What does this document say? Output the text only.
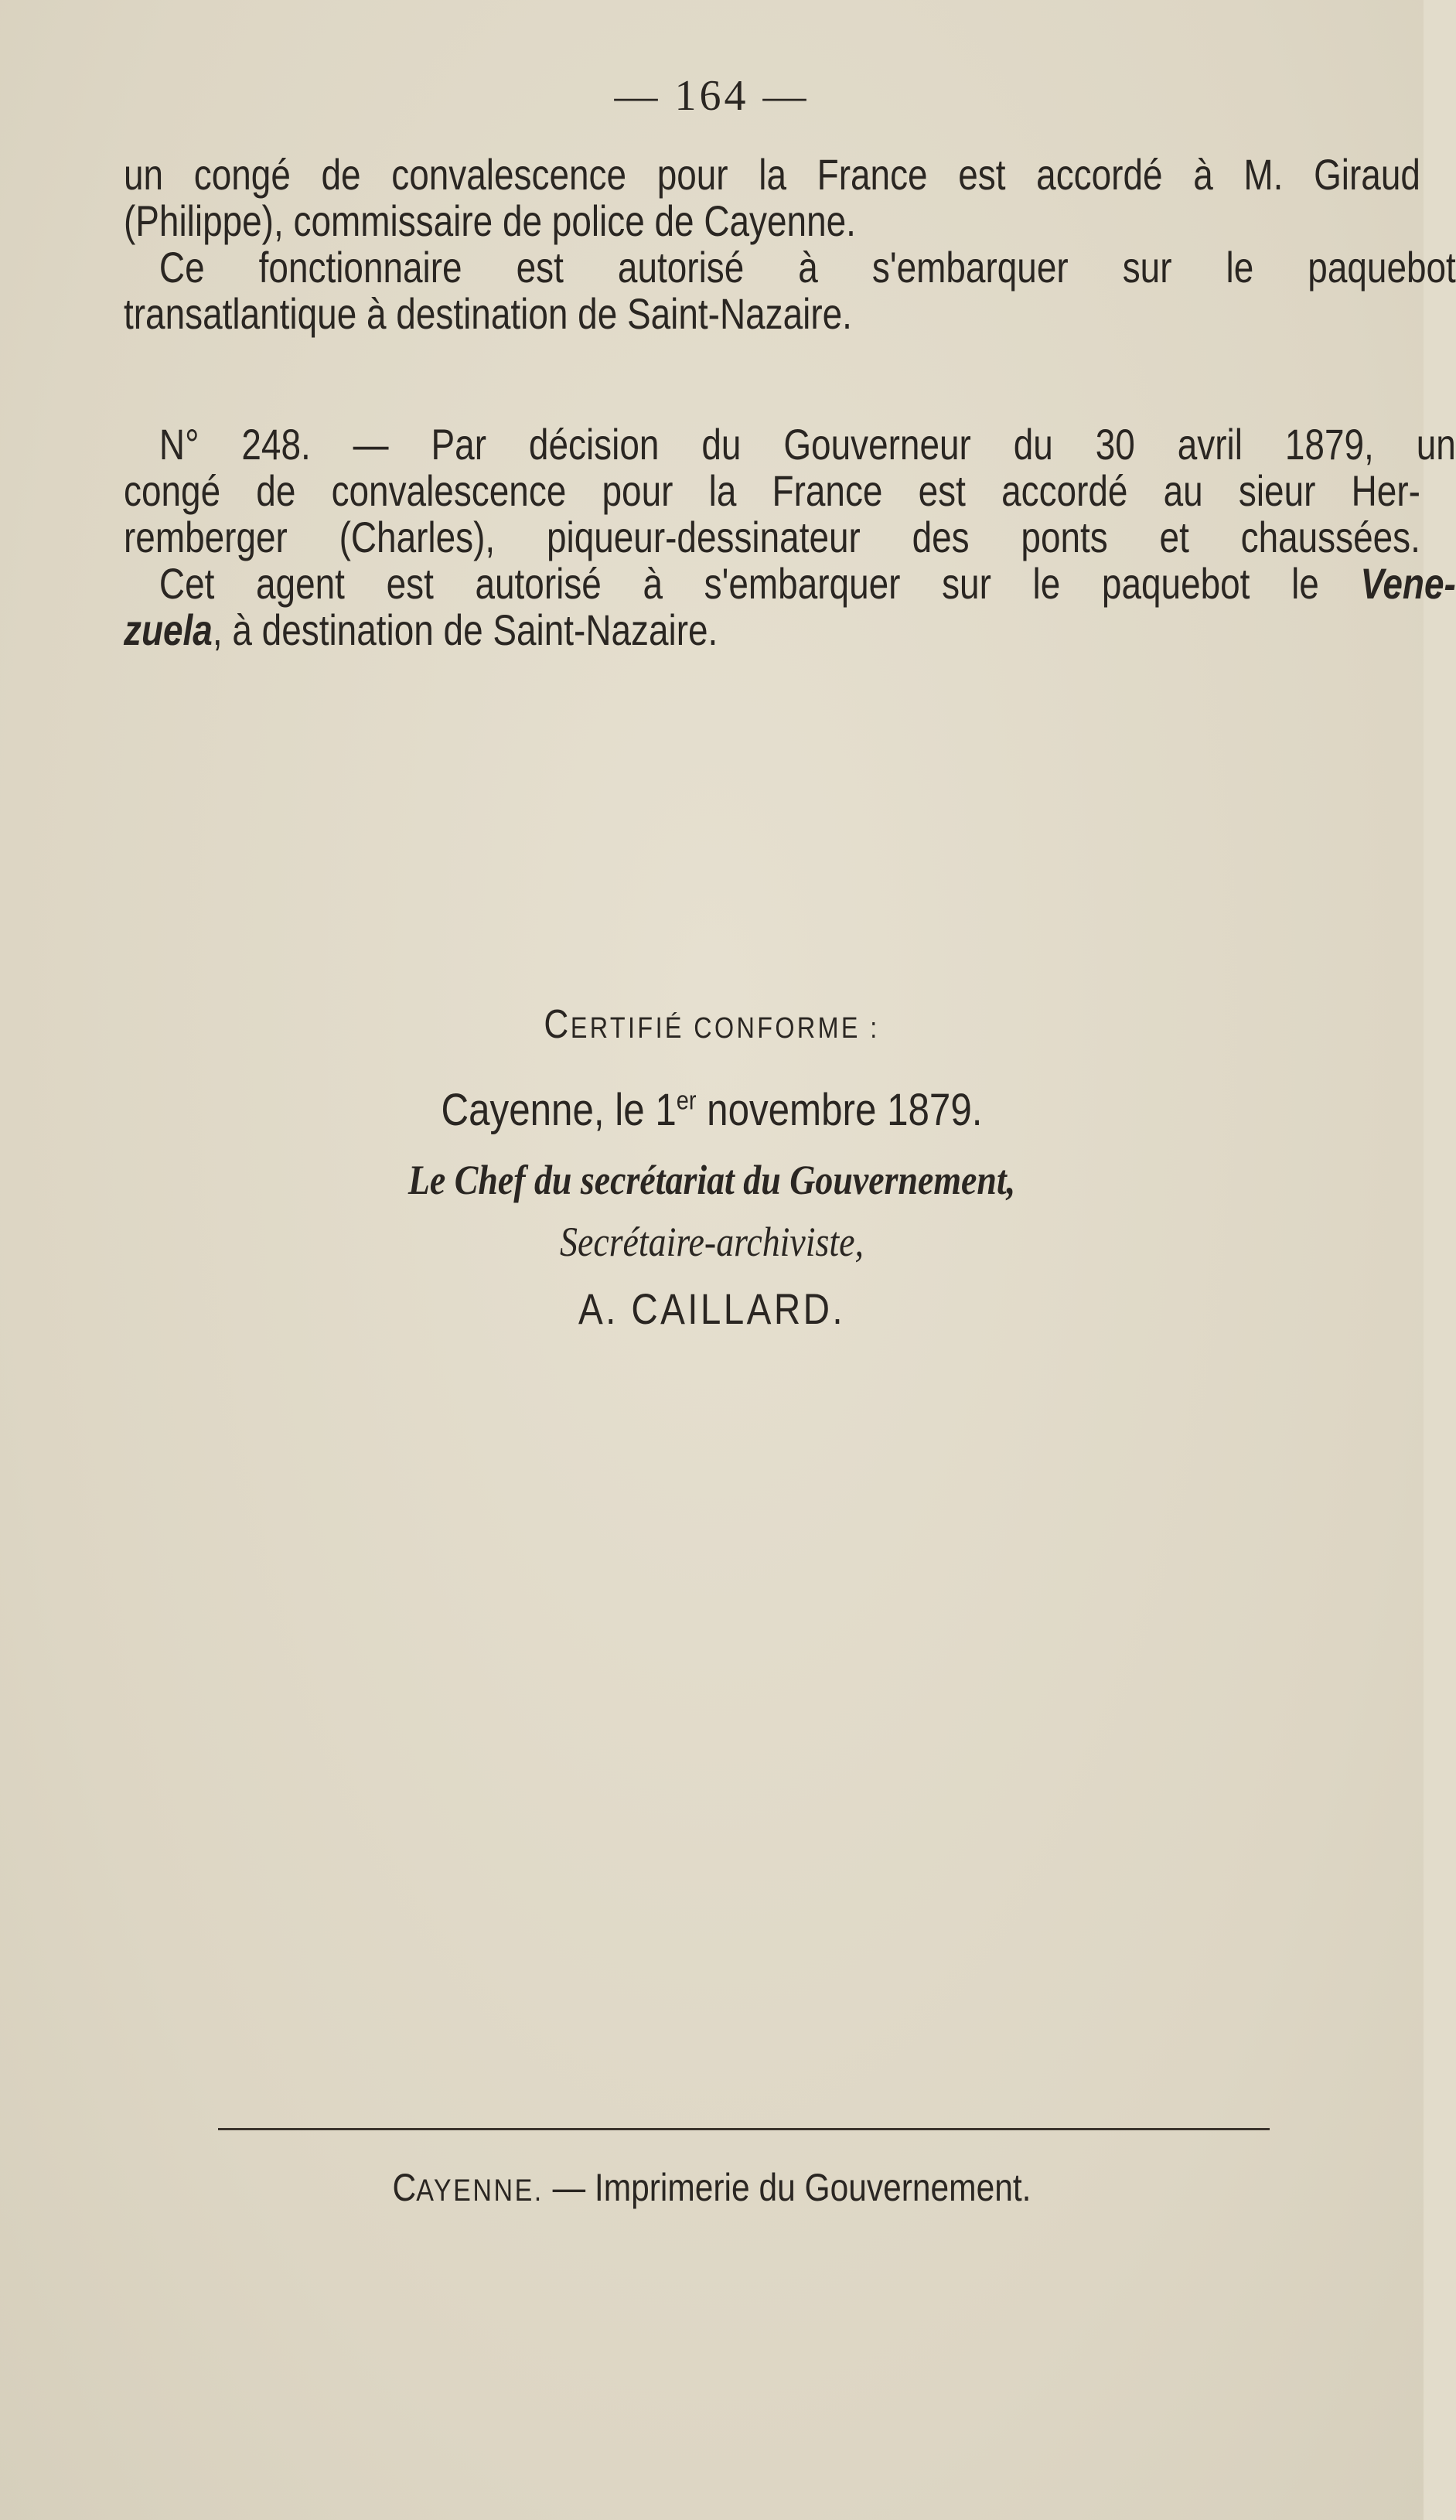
— 164 —
un congé de convalescence pour la France est accordé à M. Giraud
(Philippe), commissaire de police de Cayenne.
Ce fonctionnaire est autorisé à s'embarquer sur le paquebot
transatlantique à destination de Saint-Nazaire.
N° 248. — Par décision du Gouverneur du 30 avril 1879, un
congé de convalescence pour la France est accordé au sieur Her-
remberger (Charles), piqueur-dessinateur des ponts et chaussées.
Cet agent est autorisé à s'embarquer sur le paquebot le Vene-
zuela, à destination de Saint-Nazaire.
CERTIFIÉ CONFORME :
Cayenne, le 1er novembre 1879.
Le Chef du secrétariat du Gouvernement,
Secrétaire-archiviste,
A. CAILLARD.
CAYENNE. — Imprimerie du Gouvernement.
